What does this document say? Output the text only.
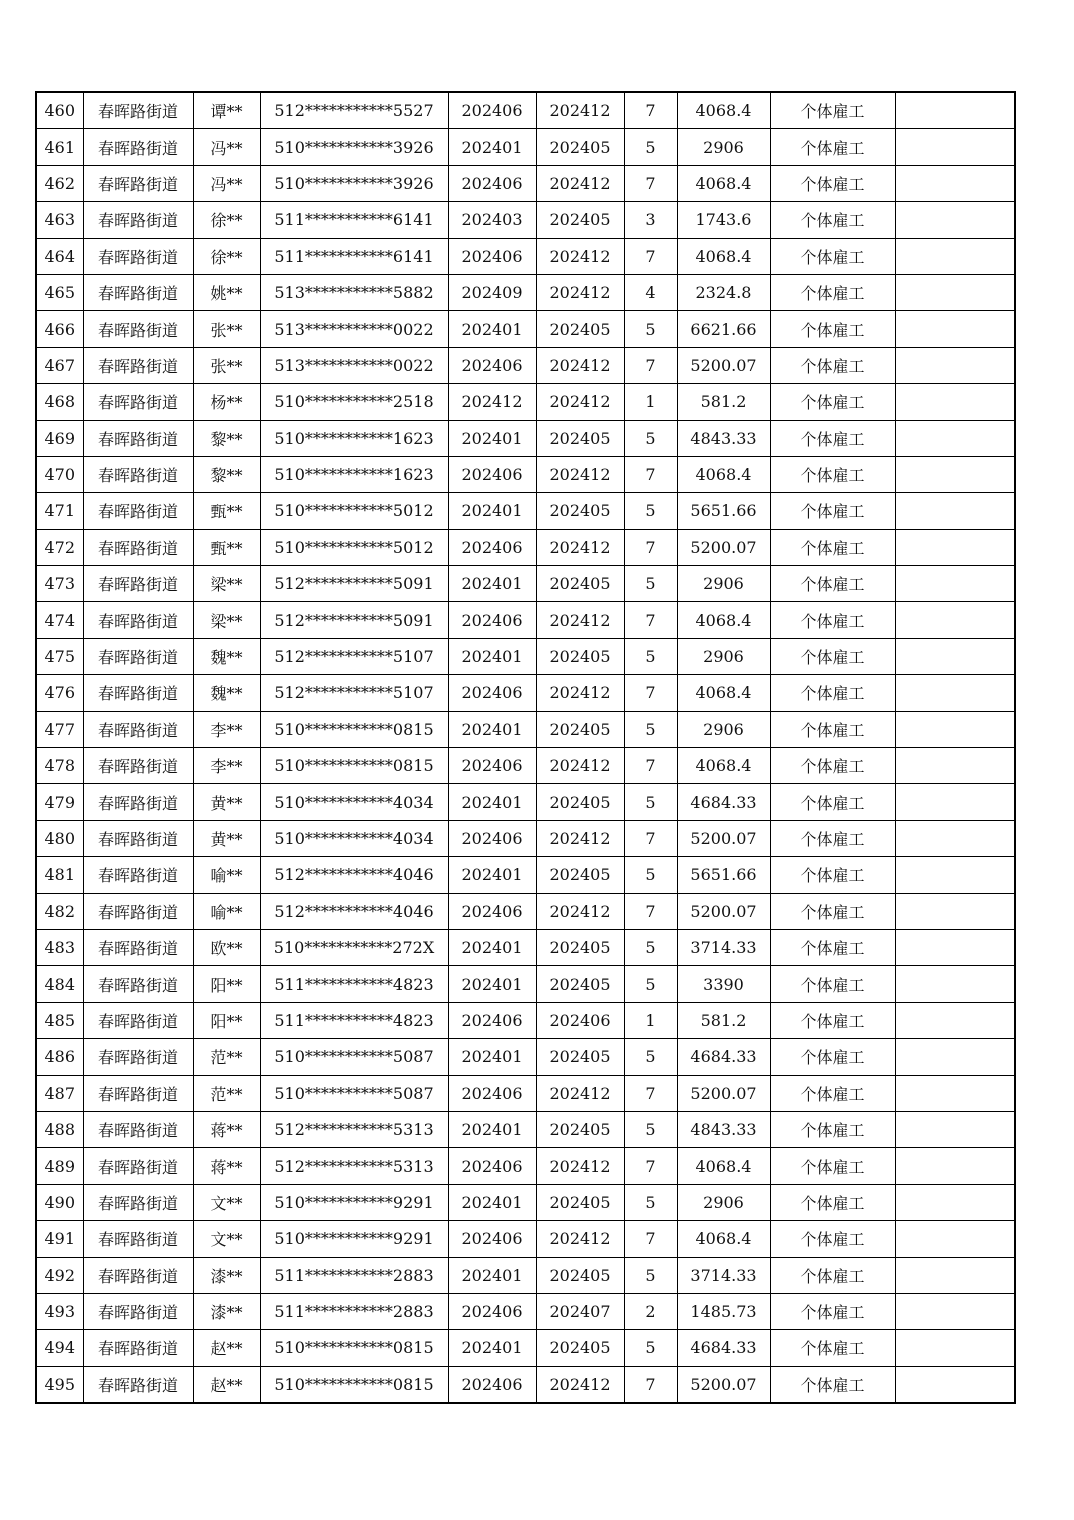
460	春晖路街道	谭**	512***********5527	202406	202412	7	4068.4	个体雇工	
461	春晖路街道	冯**	510***********3926	202401	202405	5	2906	个体雇工	
462	春晖路街道	冯**	510***********3926	202406	202412	7	4068.4	个体雇工	
463	春晖路街道	徐**	511***********6141	202403	202405	3	1743.6	个体雇工	
464	春晖路街道	徐**	511***********6141	202406	202412	7	4068.4	个体雇工	
465	春晖路街道	姚**	513***********5882	202409	202412	4	2324.8	个体雇工	
466	春晖路街道	张**	513***********0022	202401	202405	5	6621.66	个体雇工	
467	春晖路街道	张**	513***********0022	202406	202412	7	5200.07	个体雇工	
468	春晖路街道	杨**	510***********2518	202412	202412	1	581.2	个体雇工	
469	春晖路街道	黎**	510***********1623	202401	202405	5	4843.33	个体雇工	
470	春晖路街道	黎**	510***********1623	202406	202412	7	4068.4	个体雇工	
471	春晖路街道	甄**	510***********5012	202401	202405	5	5651.66	个体雇工	
472	春晖路街道	甄**	510***********5012	202406	202412	7	5200.07	个体雇工	
473	春晖路街道	梁**	512***********5091	202401	202405	5	2906	个体雇工	
474	春晖路街道	梁**	512***********5091	202406	202412	7	4068.4	个体雇工	
475	春晖路街道	魏**	512***********5107	202401	202405	5	2906	个体雇工	
476	春晖路街道	魏**	512***********5107	202406	202412	7	4068.4	个体雇工	
477	春晖路街道	李**	510***********0815	202401	202405	5	2906	个体雇工	
478	春晖路街道	李**	510***********0815	202406	202412	7	4068.4	个体雇工	
479	春晖路街道	黄**	510***********4034	202401	202405	5	4684.33	个体雇工	
480	春晖路街道	黄**	510***********4034	202406	202412	7	5200.07	个体雇工	
481	春晖路街道	喻**	512***********4046	202401	202405	5	5651.66	个体雇工	
482	春晖路街道	喻**	512***********4046	202406	202412	7	5200.07	个体雇工	
483	春晖路街道	欧**	510***********272X	202401	202405	5	3714.33	个体雇工	
484	春晖路街道	阳**	511***********4823	202401	202405	5	3390	个体雇工	
485	春晖路街道	阳**	511***********4823	202406	202406	1	581.2	个体雇工	
486	春晖路街道	范**	510***********5087	202401	202405	5	4684.33	个体雇工	
487	春晖路街道	范**	510***********5087	202406	202412	7	5200.07	个体雇工	
488	春晖路街道	蒋**	512***********5313	202401	202405	5	4843.33	个体雇工	
489	春晖路街道	蒋**	512***********5313	202406	202412	7	4068.4	个体雇工	
490	春晖路街道	文**	510***********9291	202401	202405	5	2906	个体雇工	
491	春晖路街道	文**	510***********9291	202406	202412	7	4068.4	个体雇工	
492	春晖路街道	漆**	511***********2883	202401	202405	5	3714.33	个体雇工	
493	春晖路街道	漆**	511***********2883	202406	202407	2	1485.73	个体雇工	
494	春晖路街道	赵**	510***********0815	202401	202405	5	4684.33	个体雇工	
495	春晖路街道	赵**	510***********0815	202406	202412	7	5200.07	个体雇工	
